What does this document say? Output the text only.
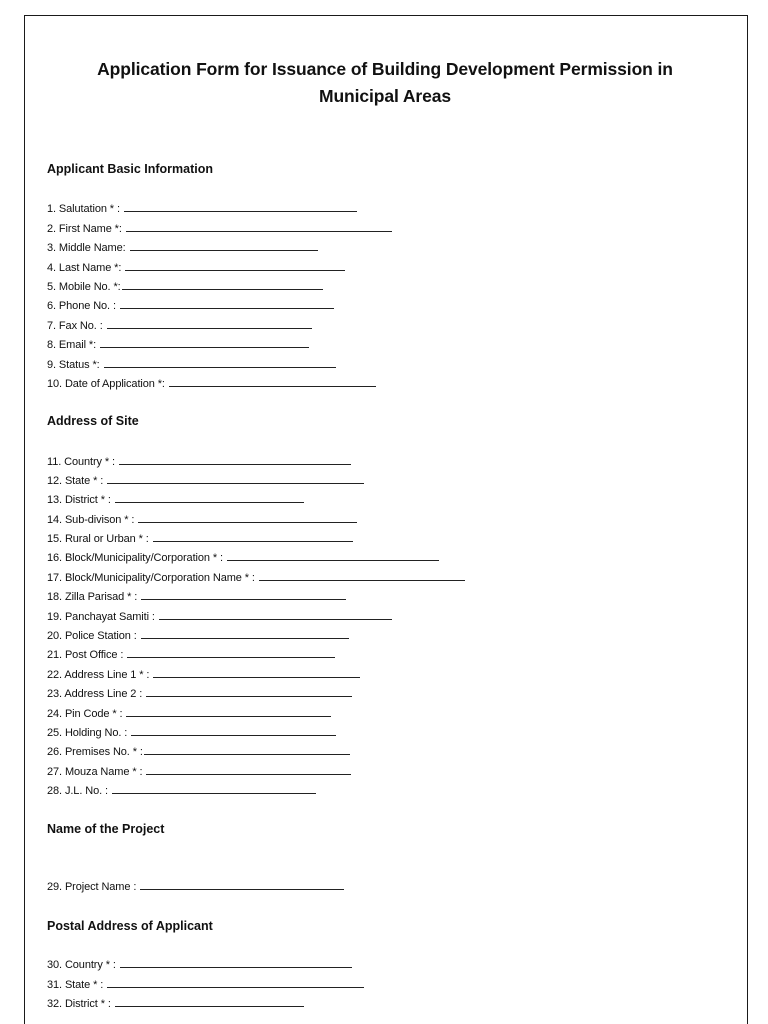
Application Form for Issuance of Building Development Permission in Municipal Areas
Applicant Basic Information
1. Salutation * :
2. First Name *:
3. Middle Name:
4. Last Name *:
5. Mobile No. *:
6. Phone No. :
7. Fax No. :
8. Email *:
9. Status *:
10. Date of Application *:
Address of Site
11. Country * :
12. State * :
13. District * :
14. Sub-divison * :
15. Rural or Urban * :
16. Block/Municipality/Corporation * :
17. Block/Municipality/Corporation Name * :
18. Zilla Parisad * :
19. Panchayat Samiti :
20. Police Station :
21. Post Office :
22. Address Line 1 * :
23. Address Line 2 :
24. Pin Code * :
25. Holding No. :
26. Premises No. * :
27. Mouza Name * :
28. J.L. No. :
Name of the Project
29. Project Name :
Postal Address of Applicant
30. Country * :
31. State * :
32. District * :
